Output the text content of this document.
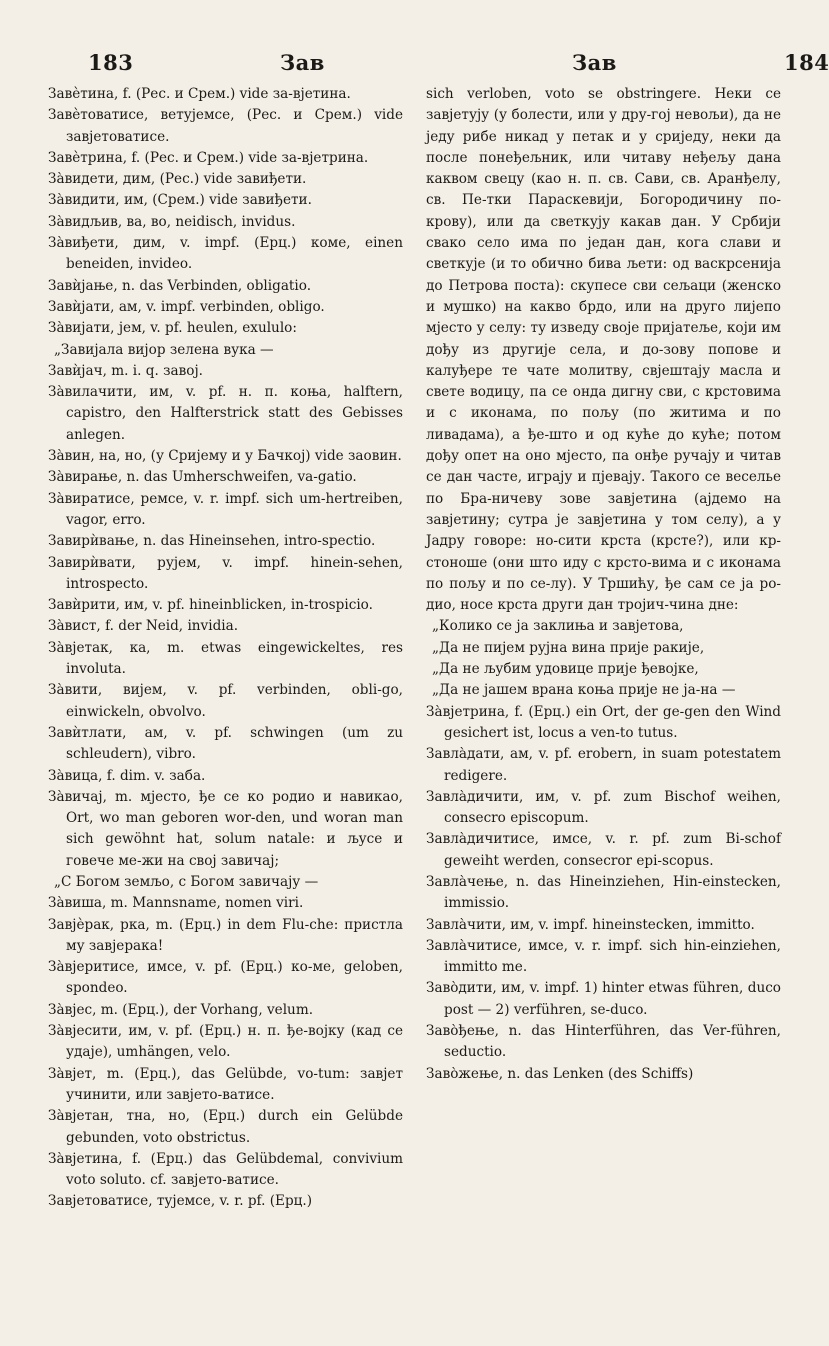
183	Зав	Зав	184

Завѐтина, f. (Рес. и Срем.) vide за-вјетина.

Завѐтоватисе, ветујемсе, (Рес. и Срем.) vide завјетоватисе.

Завѐтрина, f. (Рес. и Срем.) vide за-вјетрина.

За̀видети, дим, (Рес.) vide завиђети.

За̀видити, им, (Срем.) vide завиђети.

За̀видљив, ва, во, neidisch, invidus.

За̀виђети, дим, v. impf. (Ерц.) коме, einen beneiden, invideo.

Завѝјање, n. das Verbinden, obligatio.

Завѝјати, ам, v. impf. verbinden, obligo.

За̀вијати, јем, v. pf. heulen, exululo:

„Завијала вијор зелена вука —

Завѝјач, m. i. q. завој.

За̀вилачити, им, v. pf. н. п. коња, halftern, capistro, den Halfterstrick statt des Gebisses anlegen.

За̀вин, на, но, (у Сријему и у Бачкој) vide заовин.

За̀вирање, n. das Umherschweifen, va-gatio.

За̀виратисе, ремсе, v. r. impf. sich um-hertreiben, vagor, erro.

Завирѝвање, n. das Hineinsehen, intro-spectio.

Завирѝвати, рујем, v. impf. hinein-sehen, introspecto.

Завѝрити, им, v. pf. hineinblicken, in-trospicio.

За̀вист, f. der Neid, invidia.

За̀вјетак, ка, m. etwas eingewickeltes, res involuta.

За̀вити, вијем, v. pf. verbinden, obli-go, einwickeln, obvolvo.

Завѝтлати, ам, v. pf. schwingen (um zu schleudern), vibro.

За̀вица, f. dim. v. заба.

За̀вичај, m. мјесто, ђе се ко родио и навикао, Ort, wo man geboren wor-den, und woran man sich gewöhnt hat, solum natale: и љусе и говече ме-жи на свој завичај;

„С Богом земљо, с Богом завичају —

За̀виша, m. Mannsname, nomen viri.

Завјѐрак, рка, m. (Ерц.) in dem Flu-che: пристла му завјерака!

За̀вјеритисе, имсе, v. pf. (Ерц.) ко-ме, geloben, spondeo.

За̀вјес, m. (Ерц.), der Vorhang, velum.

За̀вјесити, им, v. pf. (Ерц.) н. п. ђе-војку (кад се удаје), umhängen, velo.

За̀вјет, m. (Ерц.), das Gelübde, vo-tum: завјет учинити, или завјето-ватисе.

За̀вјетан, тна, но, (Ерц.) durch ein Gelübde gebunden, voto obstrictus.

За̀вјетина, f. (Ерц.) das Gelübdemal, convivium voto soluto. cf. завјето-ватисе.

Завјетоватисе, тујемсе, v. r. pf. (Ерц.)

sich verloben, voto se obstringere. Неки се завјетују (у болести, или у дру-гој невољи), да не једу рибе никад у петак и у сриједу, неки да после понеђељник, или читаву неђељу дана каквом свецу (као н. п. св. Сави, св. Аранђелу, св. Пе-тки Параскевији, Богородичину по-крову), или да светкују какав дан. У Србији свако село има по један дан, кога слави и светкује (и то обично бива љети: од васкрсенија до Петрова поста): скупесе сви сељаци (женско и мушко) на какво брдо, или на друго лијепо мјесто у селу: ту изведу своје пријатеље, који им дођу из другије села, и до-зову попове и калуђере те чате молитву, свјештају масла и свете водицу, па се онда дигну сви, с крстовима и с иконама, по пољу (по житима и по ливадама), а ђе-што и од куће до куће; потом дођу опет на оно мјесто, па онђе ручају и читав се дан частe, играју и пјевају. Такого се веселье по Бра-ничеву зове завјетина (ајдемо на завјетину; сутра је завјетина у том селу), а у Јадру говоре: но-сити крста (крсте?), или кр-стоноше (они што иду с крсто-вима и с иконама по пољу и по се-лу). У Тршићу, ђе сам се ја ро-дио, носе крста други дан тројич-чина дне:

„Колико се ја заклиња и завјетова,

„Да не пијем рујна вина прије ракије,

„Да не љубим удовице прије ђевојке,

„Да не јашем врана коња прије не ја-на —

За̀вјетрина, f. (Ерц.) ein Ort, der ge-gen den Wind gesichert ist, locus a ven-to tutus.

Завла̀дати, ам, v. pf. erobern, in suam potestatem redigere.

Завла̀дичити, им, v. pf. zum Bischof weihen, consecro episcopum.

Завла̀дичитисе, имсе, v. r. pf. zum Bi-schof geweiht werden, consecror epi-scopus.

Завла̀чење, n. das Hineinziehen, Hin-einstecken, immissio.

Завла̀чити, им, v. impf. hineinstecken, immitto.

Завла̀читисе, имсе, v. r. impf. sich hin-einziehen, immitto me.

Заво̀дити, им, v. impf. 1) hinter etwas führen, duco post — 2) verführen, se-duco.

Заво̀ђење, n. das Hinterführen, das Ver-führen, seductio.

Заво̀жење, n. das Lenken (des Schiffs)
